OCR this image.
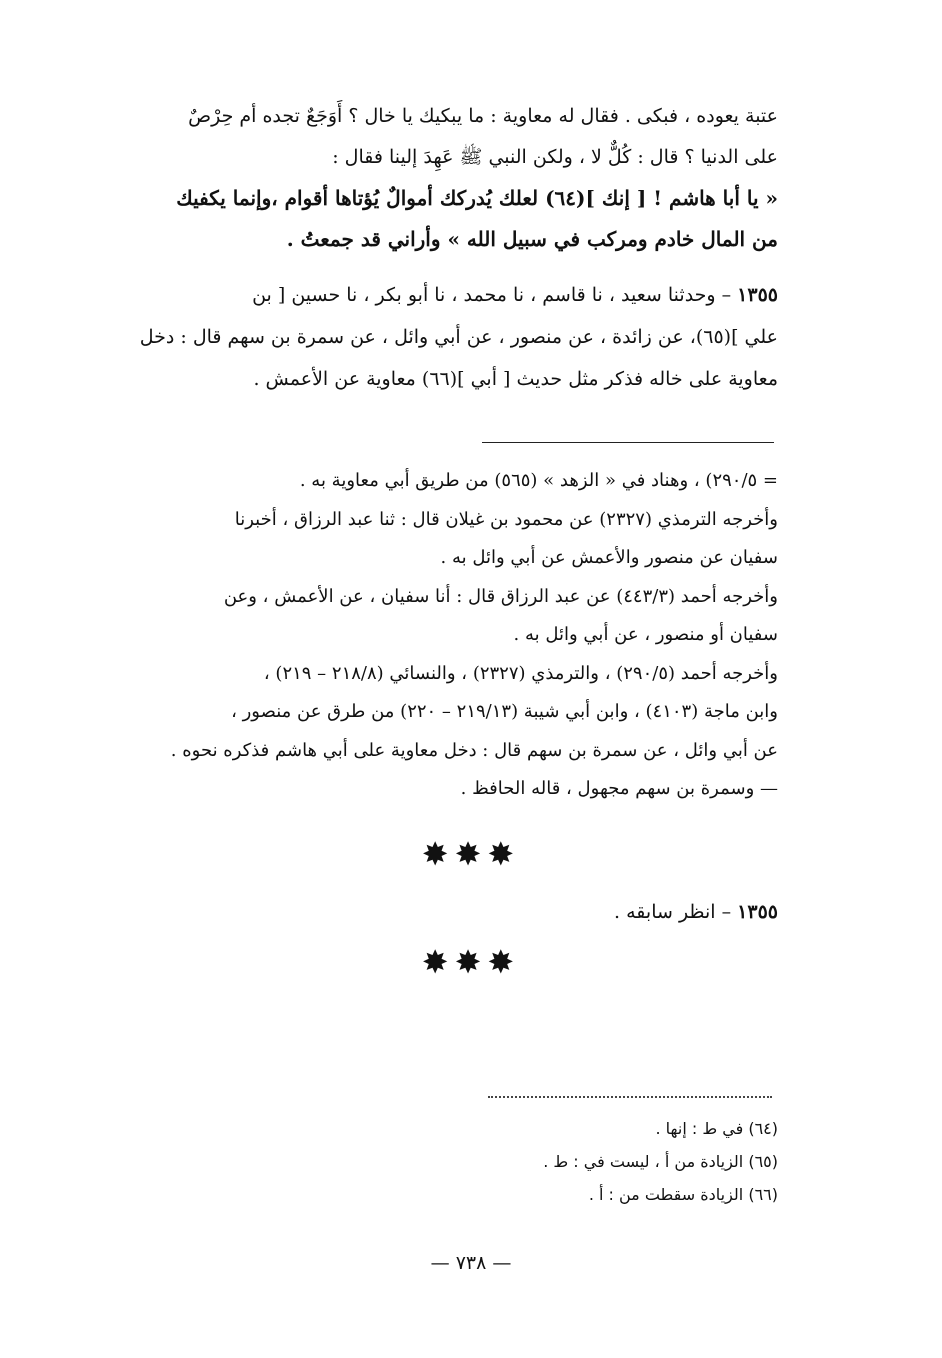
عتبة يعوده ، فبكى . فقال له معاوية : ما يبكيك يا خال ؟ أَوَجَعٌ تجده أم حِرْصٌ

على الدنيا ؟ قال : كُلٌّ لا ، ولكن النبي ﷺ عَهِدَ إلينا فقال :

« يا أبا هاشم ! [ إنك ](٦٤) لعلك يُدركك أموالٌ يُؤتاها أقوام ،وإنما يكفيك

من المال خادم ومركب في سبيل الله » وأراني قد جمعتُ .

١٣٥٥ – وحدثنا سعيد ، نا قاسم ، نا محمد ، نا أبو بكر ، نا حسين [ بن

علي ](٦٥)، عن زائدة ، عن منصور ، عن أبي وائل ، عن سمرة بن سهم قال : دخل

معاوية على خاله فذكر مثل حديث [ أبي ](٦٦) معاوية عن الأعمش .

= ٢٩٠/٥) ، وهناد في « الزهد » (٥٦٥) من طريق أبي معاوية به .

وأخرجه الترمذي (٢٣٢٧) عن محمود بن غيلان قال : ثنا عبد الرزاق ، أخبرنا

سفيان عن منصور والأعمش عن أبي وائل به .

وأخرجه أحمد (٤٤٣/٣) عن عبد الرزاق قال : أنا سفيان ، عن الأعمش ، وعن

سفيان أو منصور ، عن أبي وائل به .

وأخرجه أحمد (٢٩٠/٥) ، والترمذي (٢٣٢٧) ، والنسائي (٢١٨/٨ – ٢١٩) ،

وابن ماجة (٤١٠٣) ، وابن أبي شيبة (٢١٩/١٣ – ٢٢٠) من طرق عن منصور ،

عن أبي وائل ، عن سمرة بن سهم قال : دخل معاوية على أبي هاشم فذكره نحوه .

— وسمرة بن سهم مجهول ، قاله الحافظ .

✸✸✸
١٣٥٥ – انظر سابقه .
✸✸✸

(٦٤) في ط : إنها .

(٦٥) الزيادة من أ ، ليست في : ط .

(٦٦) الزيادة سقطت من : أ .

— ٧٣٨ —
